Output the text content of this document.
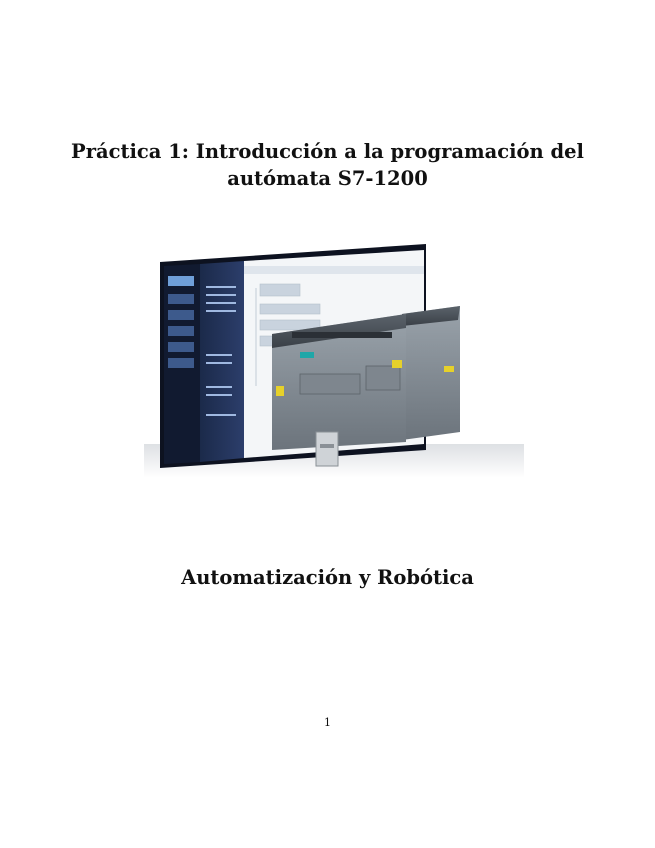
Práctica 1: Introducción a la programación del
autómata S7-1200
Automatización y Robótica
1
